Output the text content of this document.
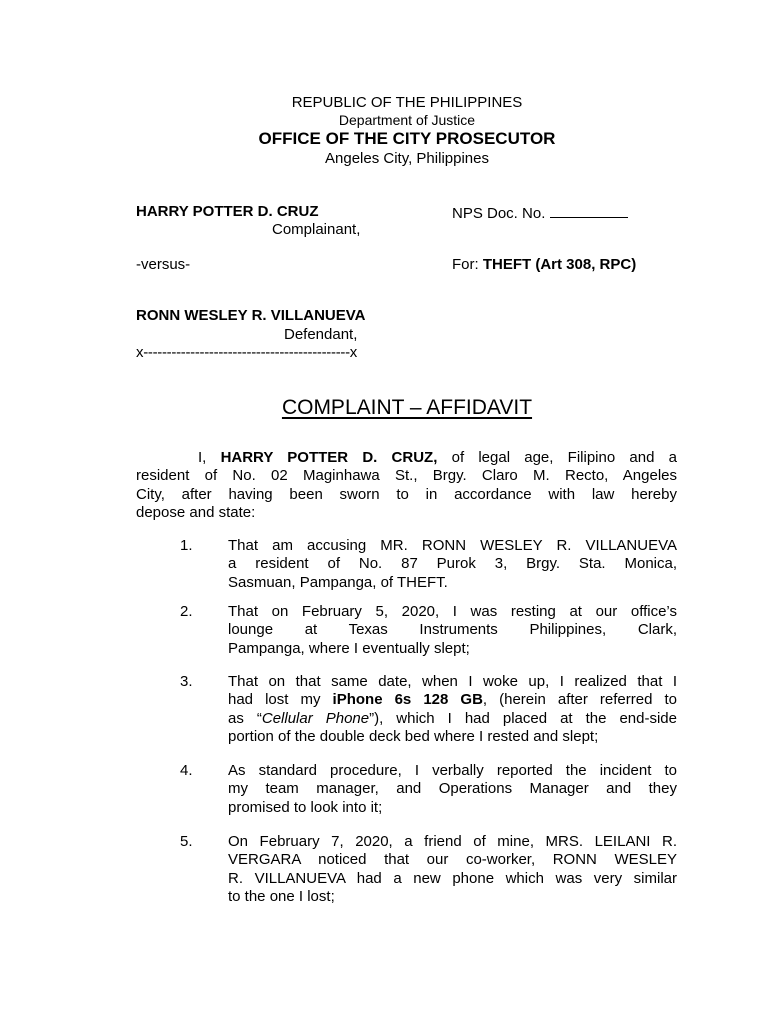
REPUBLIC OF THE PHILIPPINES
Department of Justice
OFFICE OF THE CITY PROSECUTOR
Angeles City, Philippines
HARRY POTTER D. CRUZ
Complainant,
NPS Doc. No.
-versus-	For: THEFT (Art 308, RPC)
RONN WESLEY R. VILLANUEVA
Defendant,
x--------------------------------------------x
COMPLAINT – AFFIDAVIT
I, HARRY POTTER D. CRUZ, of legal age, Filipino and a
resident of No. 02 Maginhawa St., Brgy. Claro M. Recto, Angeles
City, after having been sworn to in accordance with law hereby
depose and state:
1. That am accusing MR. RONN WESLEY R. VILLANUEVA
a resident of No. 87 Purok 3, Brgy. Sta. Monica,
Sasmuan, Pampanga, of THEFT.
2. That on February 5, 2020, I was resting at our office’s
lounge at Texas Instruments Philippines, Clark,
Pampanga, where I eventually slept;
3. That on that same date, when I woke up, I realized that I
had lost my iPhone 6s 128 GB, (herein after referred to
as “Cellular Phone”), which I had placed at the end-side
portion of the double deck bed where I rested and slept;
4. As standard procedure, I verbally reported the incident to
my team manager, and Operations Manager and they
promised to look into it;
5. On February 7, 2020, a friend of mine, MRS. LEILANI R.
VERGARA noticed that our co-worker, RONN WESLEY
R. VILLANUEVA had a new phone which was very similar
to the one I lost;
